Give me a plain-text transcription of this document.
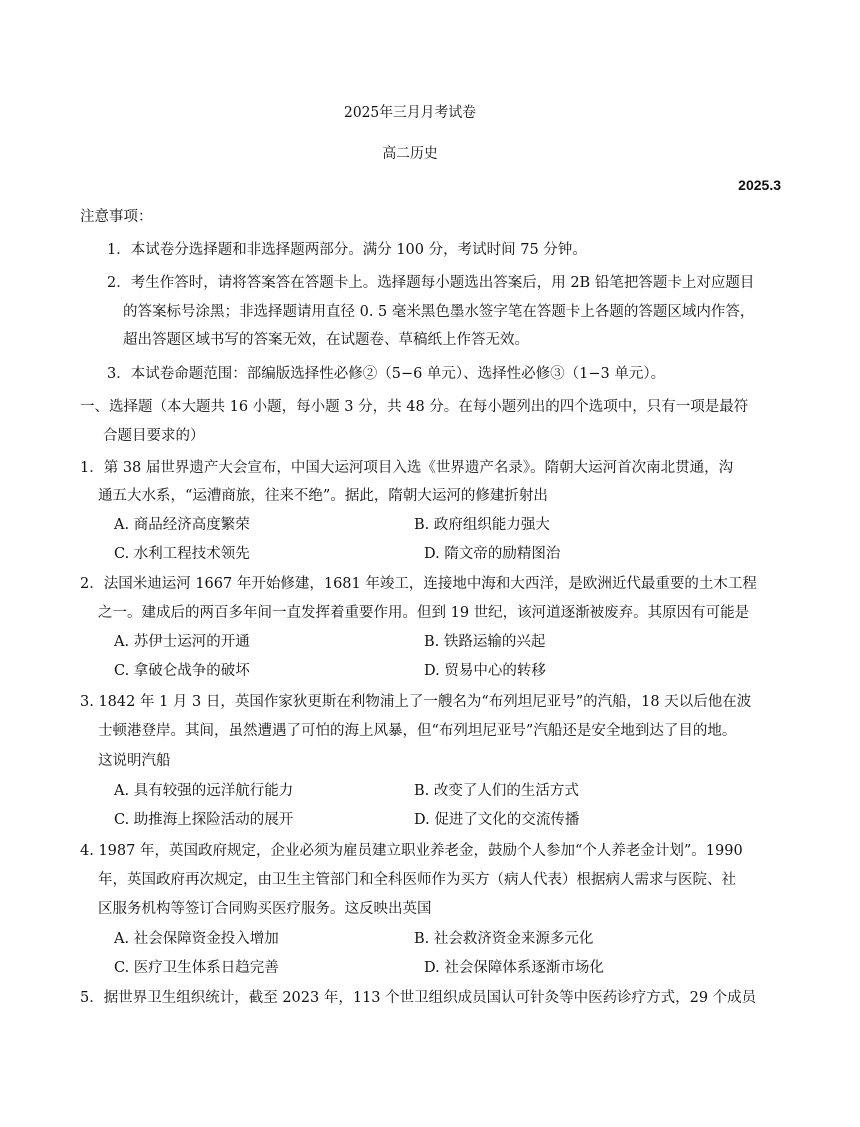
2025年三月月考试卷
高二历史
2025.3
注意事项：
1．本试卷分选择题和非选择题两部分。满分 100 分，考试时间 75 分钟。
2．考生作答时，请将答案答在答题卡上。选择题每小题选出答案后，用 2B 铅笔把答题卡上对应题目
的答案标号涂黑；非选择题请用直径 0. 5 毫米黑色墨水签字笔在答题卡上各题的答题区域内作答，
超出答题区域书写的答案无效，在试题卷、草稿纸上作答无效。
3．本试卷命题范围：部编版选择性必修②（5−6 单元）、选择性必修③（1−3 单元）。
一、选择题（本大题共 16 小题，每小题 3 分，共 48 分。在每小题列出的四个选项中，只有一项是最符
合题目要求的）
1．第 38 届世界遗产大会宣布，中国大运河项目入选《世界遗产名录》。隋朝大运河首次南北贯通，沟
通五大水系，“运漕商旅，往来不绝”。据此，隋朝大运河的修建折射出
A. 商品经济高度繁荣	B. 政府组织能力强大
C. 水利工程技术领先	D. 隋文帝的励精图治
2．法国米迪运河 1667 年开始修建，1681 年竣工，连接地中海和大西洋，是欧洲近代最重要的土木工程
之一。建成后的两百多年间一直发挥着重要作用。但到 19 世纪，该河道逐渐被废弃。其原因有可能是
A. 苏伊士运河的开通	B. 铁路运输的兴起
C. 拿破仑战争的破坏	D. 贸易中心的转移
3. 1842 年 1 月 3 日，英国作家狄更斯在利物浦上了一艘名为“布列坦尼亚号”的汽船，18 天以后他在波
士顿港登岸。其间，虽然遭遇了可怕的海上风暴，但“布列坦尼亚号”汽船还是安全地到达了目的地。
这说明汽船
A. 具有较强的远洋航行能力	B. 改变了人们的生活方式
C. 助推海上探险活动的展开	D. 促进了文化的交流传播
4. 1987 年，英国政府规定，企业必须为雇员建立职业养老金，鼓励个人参加“个人养老金计划”。1990
年，英国政府再次规定，由卫生主管部门和全科医师作为买方（病人代表）根据病人需求与医院、社
区服务机构等签订合同购买医疗服务。这反映出英国
A. 社会保障资金投入增加	B. 社会救济资金来源多元化
C. 医疗卫生体系日趋完善	D. 社会保障体系逐渐市场化
5．据世界卫生组织统计，截至 2023 年，113 个世卫组织成员国认可针灸等中医药诊疗方式，29 个成员
